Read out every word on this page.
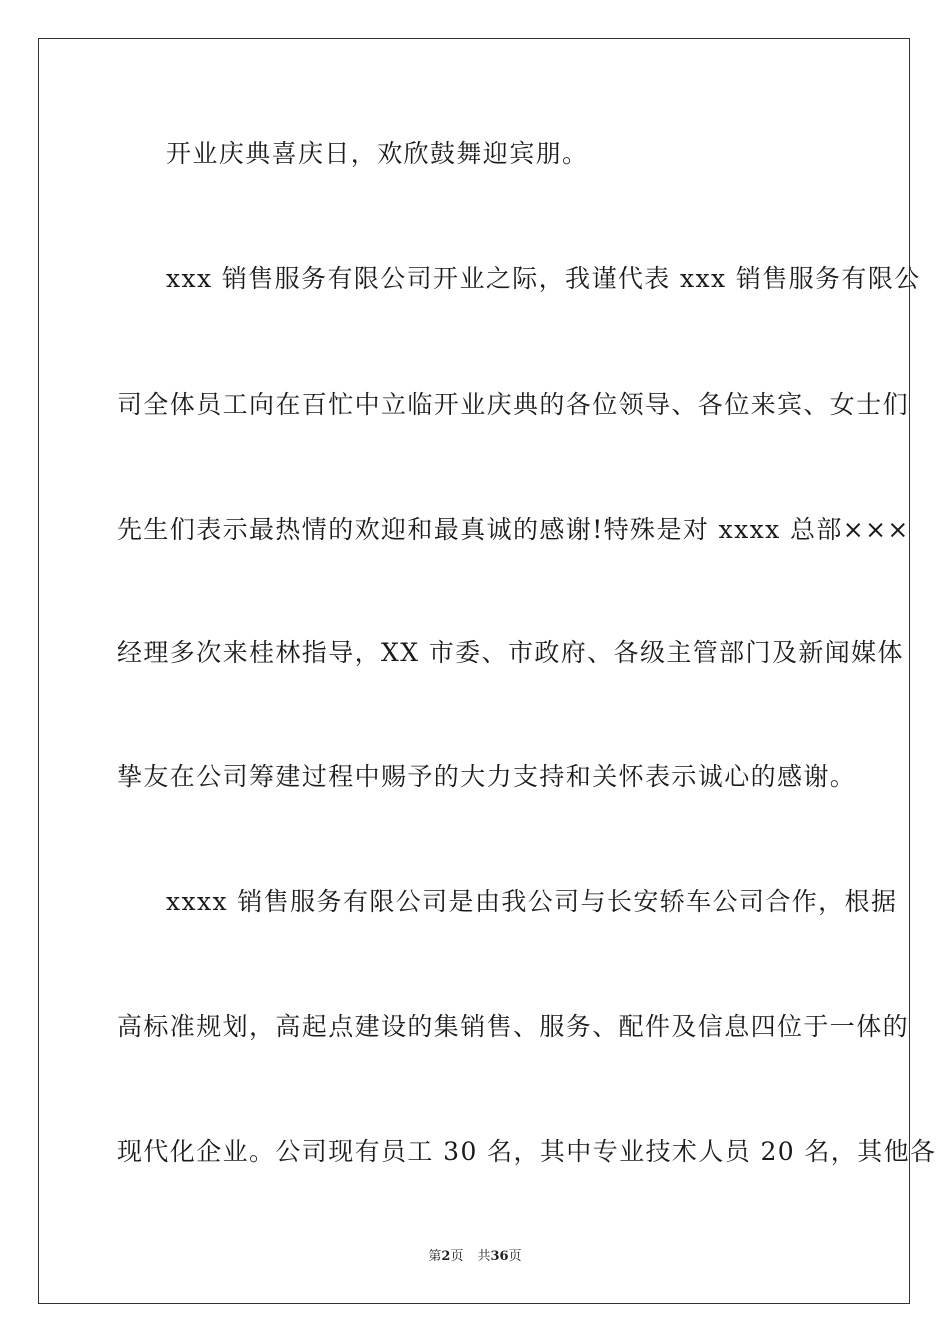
开业庆典喜庆日，欢欣鼓舞迎宾朋。
xxx 销售服务有限公司开业之际，我谨代表 xxx 销售服务有限公
司全体员工向在百忙中立临开业庆典的各位领导、各位来宾、女士们
先生们表示最热情的欢迎和最真诚的感谢!特殊是对 xxxx 总部×××
经理多次来桂林指导，XX 市委、市政府、各级主管部门及新闻媒体
挚友在公司筹建过程中赐予的大力支持和关怀表示诚心的感谢。
xxxx 销售服务有限公司是由我公司与长安轿车公司合作，根据
高标准规划，高起点建设的集销售、服务、配件及信息四位于一体的
现代化企业。公司现有员工 30 名，其中专业技术人员 20 名，其他各
第2页 共36页
